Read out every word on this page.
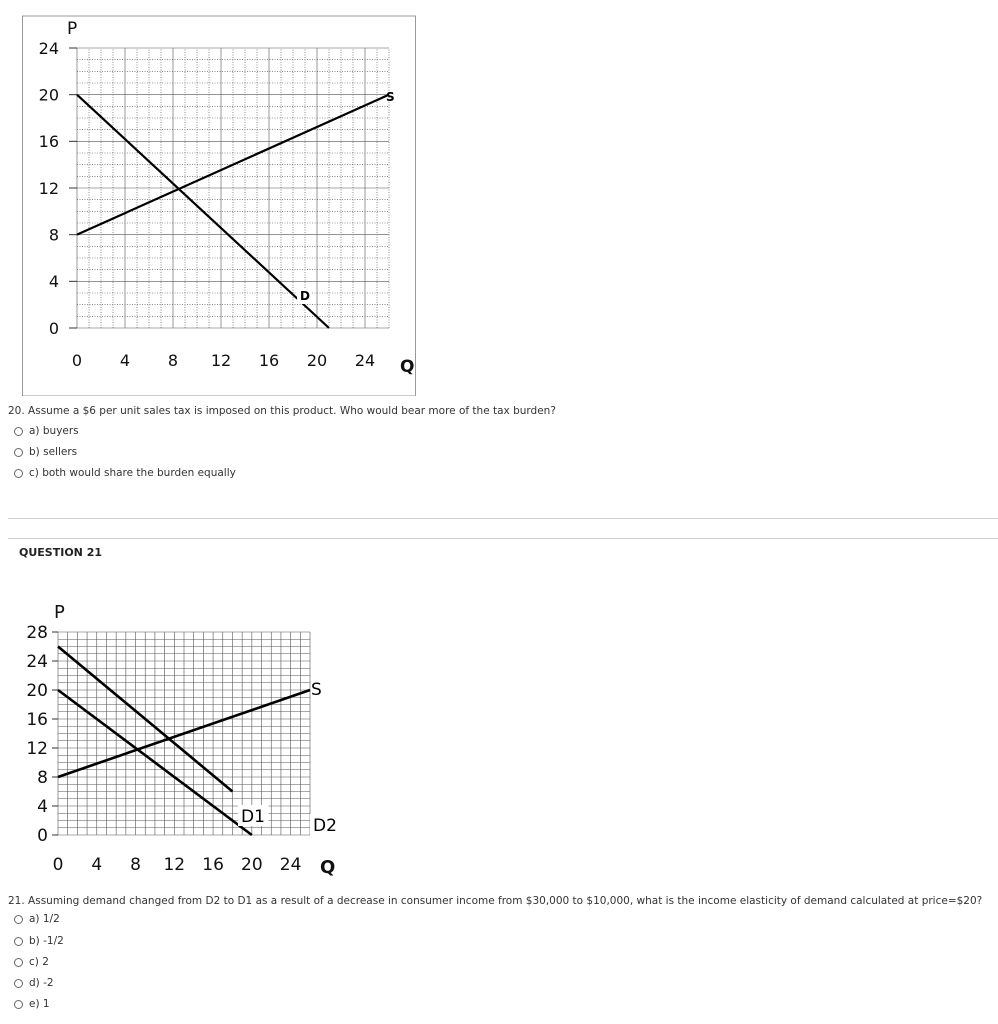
0
4
8
12
16
20
24
0 4 8 12 16 20 24
P
Q
S
D
20. Assume a $6 per unit sales tax is imposed on this product. Who would bear more of the tax burden?
a) buyers
b) sellers
c) both would share the burden equally
QUESTION 21
0
4
8
12
16
20
24
28
0 4 8 12 16 20 24
P
Q
S
D1	D2
21. Assuming demand changed from D2 to D1 as a result of a decrease in consumer income from $30,000 to $10,000, what is the income elasticity of demand calculated at price=$20?
a) 1/2
b) -1/2
c) 2
d) -2
e) 1
